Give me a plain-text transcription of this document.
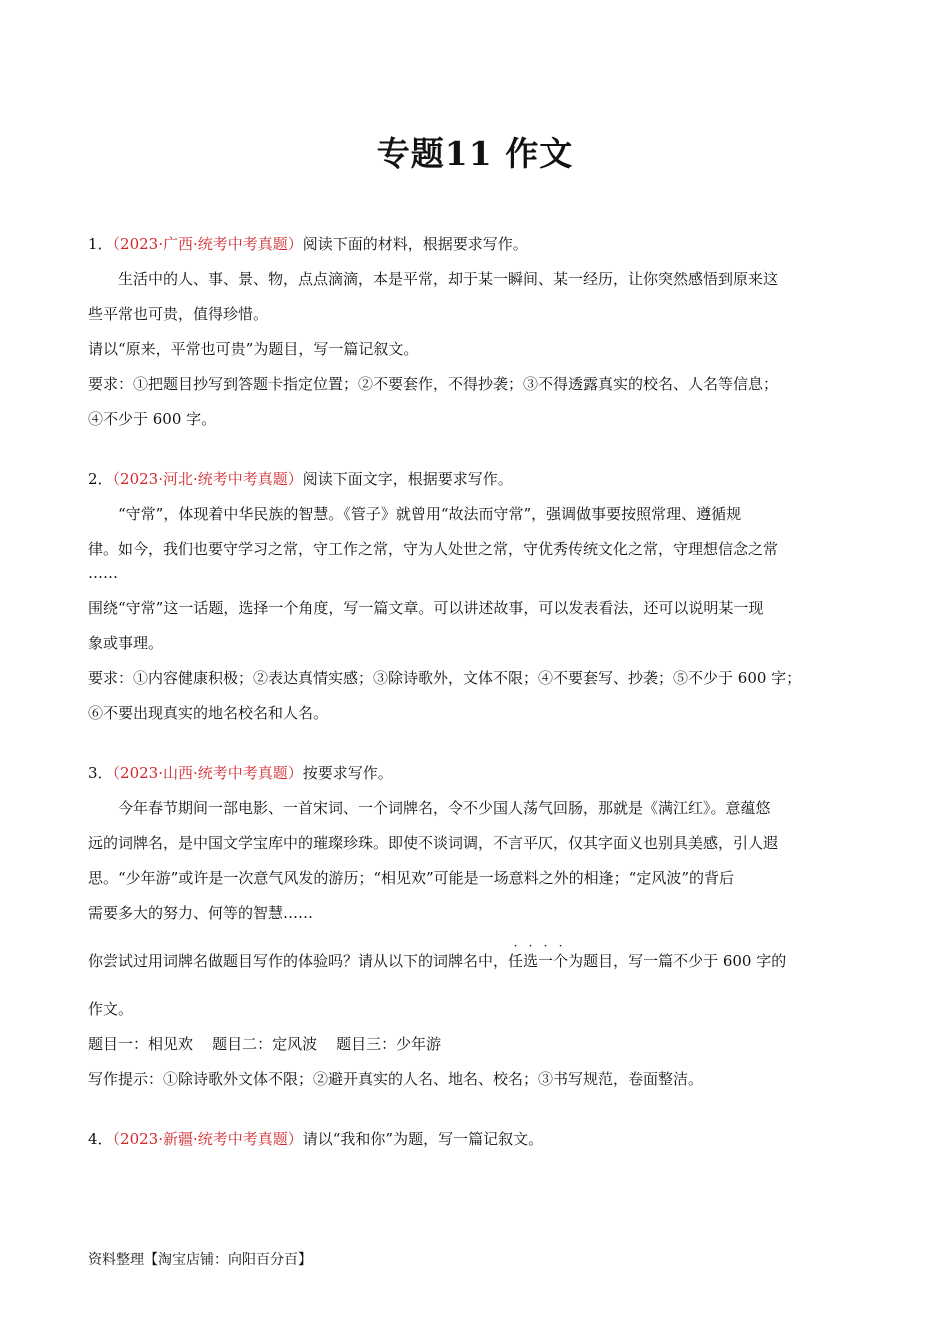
专题11 作文
1．（2023·广西·统考中考真题）阅读下面的材料，根据要求写作。
生活中的人、事、景、物，点点滴滴，本是平常，却于某一瞬间、某一经历，让你突然感悟到原来这
些平常也可贵，值得珍惜。
请以“原来，平常也可贵”为题目，写一篇记叙文。
要求：①把题目抄写到答题卡指定位置；②不要套作，不得抄袭；③不得透露真实的校名、人名等信息；
④不少于 600 字。
2．（2023·河北·统考中考真题）阅读下面文字，根据要求写作。
“守常”，体现着中华民族的智慧。《管子》就曾用“故法而守常”，强调做事要按照常理、遵循规
律。如今，我们也要守学习之常，守工作之常，守为人处世之常，守优秀传统文化之常，守理想信念之常
……
围绕“守常”这一话题，选择一个角度，写一篇文章。可以讲述故事，可以发表看法，还可以说明某一现
象或事理。
要求：①内容健康积极；②表达真情实感；③除诗歌外，文体不限；④不要套写、抄袭；⑤不少于 600 字；
⑥不要出现真实的地名校名和人名。
3．（2023·山西·统考中考真题）按要求写作。
今年春节期间一部电影、一首宋词、一个词牌名，令不少国人荡气回肠，那就是《满江红》。意蕴悠
远的词牌名，是中国文学宝库中的璀璨珍珠。即使不谈词调，不言平仄，仅其字面义也别具美感，引人遐
思。“少年游”或许是一次意气风发的游历；“相见欢”可能是一场意料之外的相逢；“定风波”的背后
需要多大的努力、何等的智慧……
你尝试过用词牌名做题目写作的体验吗？请从以下的词牌名中，任
·
选
·
一
·
个
·
为题目，写一篇不少于 600 字的
作文。
题目一：相见欢    题目二：定风波    题目三：少年游
写作提示：①除诗歌外文体不限；②避开真实的人名、地名、校名；③书写规范，卷面整洁。
4．（2023·新疆·统考中考真题）请以“我和你”为题，写一篇记叙文。
资料整理【淘宝店铺：向阳百分百】
